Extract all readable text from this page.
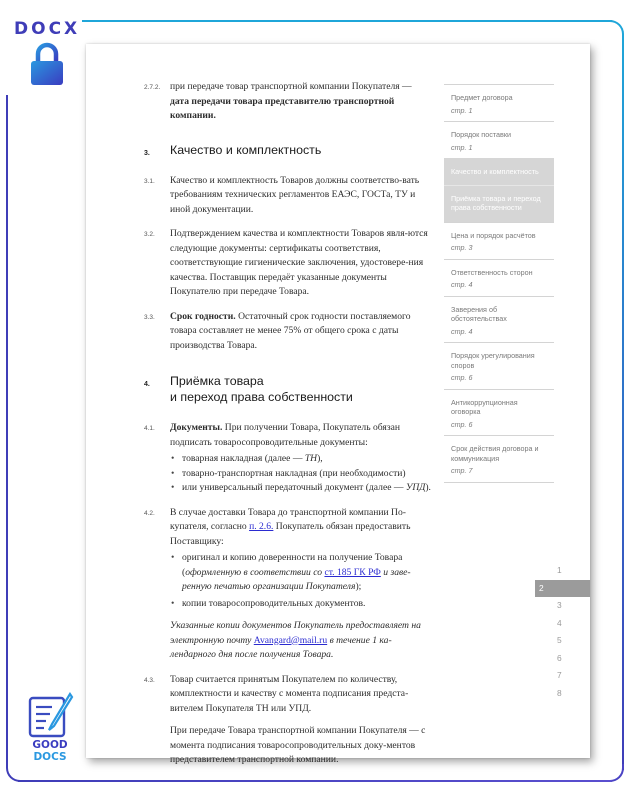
DOCX
GOOD
DOCS
2.7.2. при передаче товар транспортной компании Покупателя — дата передачи товара представителю транспортной компании.
3. Качество и комплектность
3.1. Качество и комплектность Товаров должны соответство-вать требованиям технических регламентов ЕАЭС, ГОСТа, ТУ и иной документации.
3.2. Подтверждением качества и комплектности Товаров явля-ются следующие документы: сертификаты соответствия, соответствующие гигиенические заключения, удостовере-ния качества. Поставщик передаёт указанные документы Покупателю при передаче Товара.
3.3. Срок годности. Остаточный срок годности поставляемого товара составляет не менее 75% от общего срока с даты производства Товара.
4. Приёмка товара
и переход права собственности
4.1. Документы. При получении Товара, Покупатель обязан подписать товаросопроводительные документы:
• товарная накладная (далее — ТН),
• товарно-транспортная накладная (при необходимости)
• или универсальный передаточный документ (далее — УПД).
4.2. В случае доставки Товара до транспортной компании По-купателя, согласно п. 2.6. Покупатель обязан предоставить Поставщику:
• оригинал и копию доверенности на получение Товара (оформленную в соответствии со ст. 185 ГК РФ и заве-ренную печатью организации Покупателя);
• копии товаросопроводительных документов.
Указанные копии документов Покупатель предоставляет на электронную почту Avangard@mail.ru в течение 1 ка-лендарного дня после получения Товара.
4.3. Товар считается принятым Покупателем по количеству, комплектности и качеству с момента подписания предста-вителем Покупателя ТН или УПД.
При передаче Товара транспортной компании Покупателя — с момента подписания товаросопроводительных доку-ментов представителем транспортной компании.
Предмет договора
стр. 1
Порядок поставки
стр. 1
Качество и комплектность
Приёмка товара и переход права собственности
Цена и порядок расчётов
стр. 3
Ответственность сторон
стр. 4
Заверения об обстоятельствах
стр. 4
Порядок урегулирования споров
стр. 6
Антикоррупционная оговорка
стр. 6
Срок действия договора и коммуникация
стр. 7
1
2
3
4
5
6
7
8
